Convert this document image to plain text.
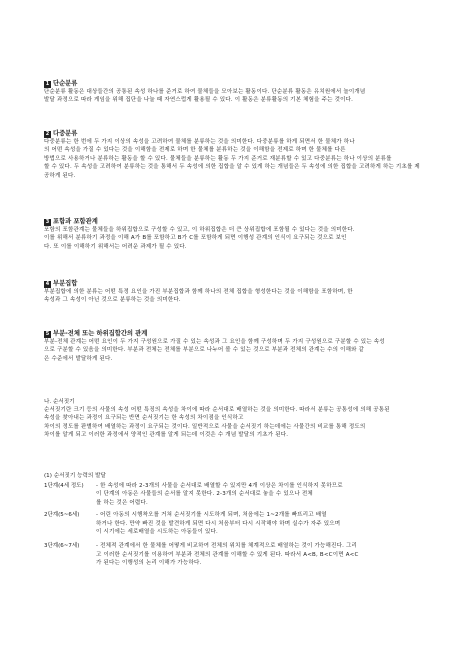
1 단순분류
단순분류 활동은 대상들간의 공통된 속성 하나를 준거로 하여 물체들을 모아보는 활동이다. 단순분류 활동은 유치원에서 놀이개념
발달 과정으로 따라 게임을 위해 집단을 나눌 때 자연스럽게 활용될 수 있다. 이 활동은 분류활동의 기본 체험을 주는 것이다.
2 다중분류
다중분류는 한 번에 두 가지 이상의 속성을 고려하여 물체를 분류하는 것을 의미한다. 다중분류를 하게 되면서 한 물체가 하나
의 어떤 속성을 가질 수 있다는 것을 이해함을 전제로 하며 한 물체를 분류하는 것을 이해함을 전제로 하며 한 물체를 다른
방법으로 사용하거나 분류하는 활동을 할 수 있다. 물체들을 분류하는 활동 두 가지 준거로 재분류할 수 있고 다중분류는 하나 이상의 분류를
할 수 있다. 두 속성을 고려하여 분류하는 것을 통해서 두 속성에 의한 집합을 알 수 있게 하는 개념들은 두 속성에 의한 집합을 고려하게 하는 기초를 제
공하게 된다.
3 포함과 포함관계
포함의 포함관계는 물체들을 하위집합으로 구성할 수 있고, 이 하위집합은 더 큰 상위집합에 포함될 수 있다는 것을 의미한다.
이를 위해서 분류하기 과정을 이해 A가 B를 포함하고 B가 C를 포함하게 되면 이행성 관계의 인식이 요구되는 것으로 보인
다. 또 이를 이해하기 위해서는 어려운 과제가 될 수 있다.
4 부분집합
부분집합에 의한 분류는 어떤 특정 요인을 가진 부분집합과 함께 하나의 전체 집합을 형성한다는 것을 이해함을 포함하며, 한
속성과 그 속성이 아닌 것으로 분류하는 것을 의미한다.
5 부분-전체 또는 하위집합간의 관계
부분-전체 관계는 어떤 요인이 두 가지 구성원으로 가질 수 있는 속성과 그 요인을 함께 구성하며 두 가지 구성원으로 구분할 수 있는 속성
으로 구분할 수 있음을 의미한다. 부분과 전체는 전체를 부분으로 나누어 볼 수 있는 것으로 부분과 전체의 관계는 수의 이해와 같
은 수준에서 발달하게 된다.
나. 순서짓기
순서짓기란 크기 등의 사물의 속성 어떤 특징의 속성을 차이에 따라 순서대로 배열하는 것을 의미한다. 따라서 분류는 공통성에 의해 공통된
속성을 찾아내는 과정이 요구되는 반면 순서짓기는 한 속성의 차이점을 인식하고
차이의 정도를 판별하여 배열하는 과정이 요구되는 것이다. 일반적으로 사물을 순서짓기 하는데에는 사물간의 비교를 통해 정도의
차이를 알게 되고 이러한 과정에서 양적인 관계를 알게 되는데 이것은 수 개념 발달의 기초가 된다.
(1) 순서짓기 능력의 발달
1단계(4세 정도)	- 한 속성에 따라 2-3개의 사물을 순서대로 배열할 수 있지만 4개 이상은 차이를 인식하지 못하므로
이 단계의 아동은 사물들의 순서를 알지 못한다. 2-3개의 순서대로 놓을 수 있으나 전체
를 하는 것은 어렵다.
2단계(5~6세)	- 어린 아동의 시행착오를 거쳐 순서짓기를 시도하게 되며, 처음에는 1~2개를 빠뜨리고 배열
하거나 한다. 만약 빠진 것을 발견하게 되면 다시 처음부터 다시 시작해야 하며 실수가 자주 있으며
이 시기에는 세로배열을 시도하는 아동들이 있다.
3단계(6~7세)	- 전체적 관계에서 한 물체를 어떻게 비교하여 전체의 위치를 체계적으로 배열하는 것이 가능해진다. 그리
고 이러한 순서짓기를 이용하여 부분과 전체의 관계를 이해할 수 있게 된다. 따라서 A<B, B<C이면 A<C
가 된다는 이행성의 논리 이해가 가능하다.
